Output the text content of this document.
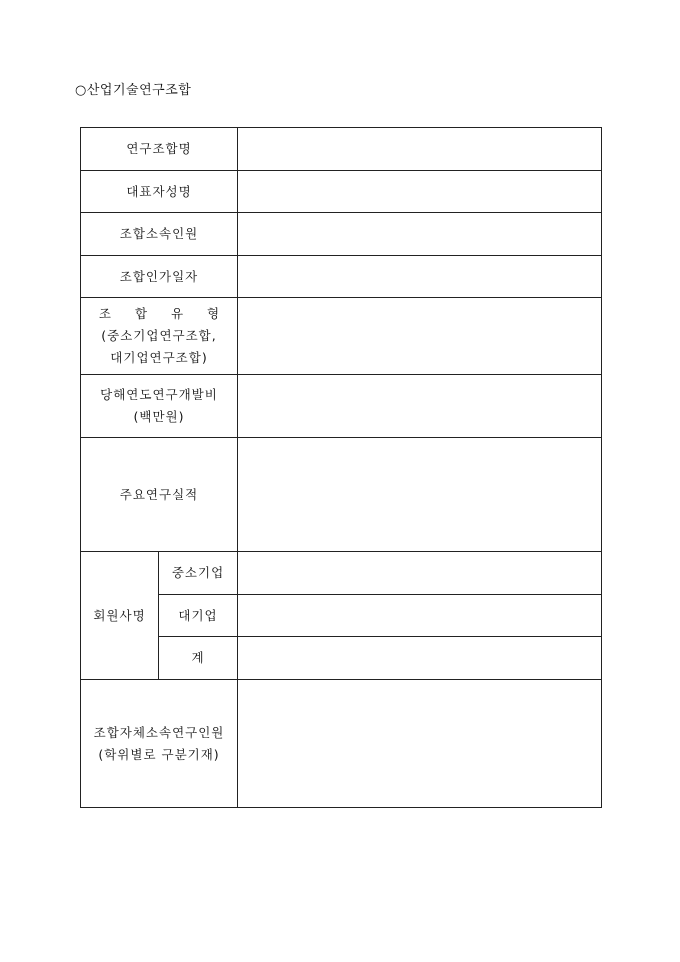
○산업기술연구조합
연구조합명		
대표자성명		
조합소속인원		
조합인가일자		

조 합 유 형
(중소기업연구조합,
대기업연구조합)		

당해연도연구개발비
(백만원)		

주요연구실적		
회원사명	중소기업	
	대기업	
	계	

조합자체소속연구인원
(학위별로 구분기재)		
